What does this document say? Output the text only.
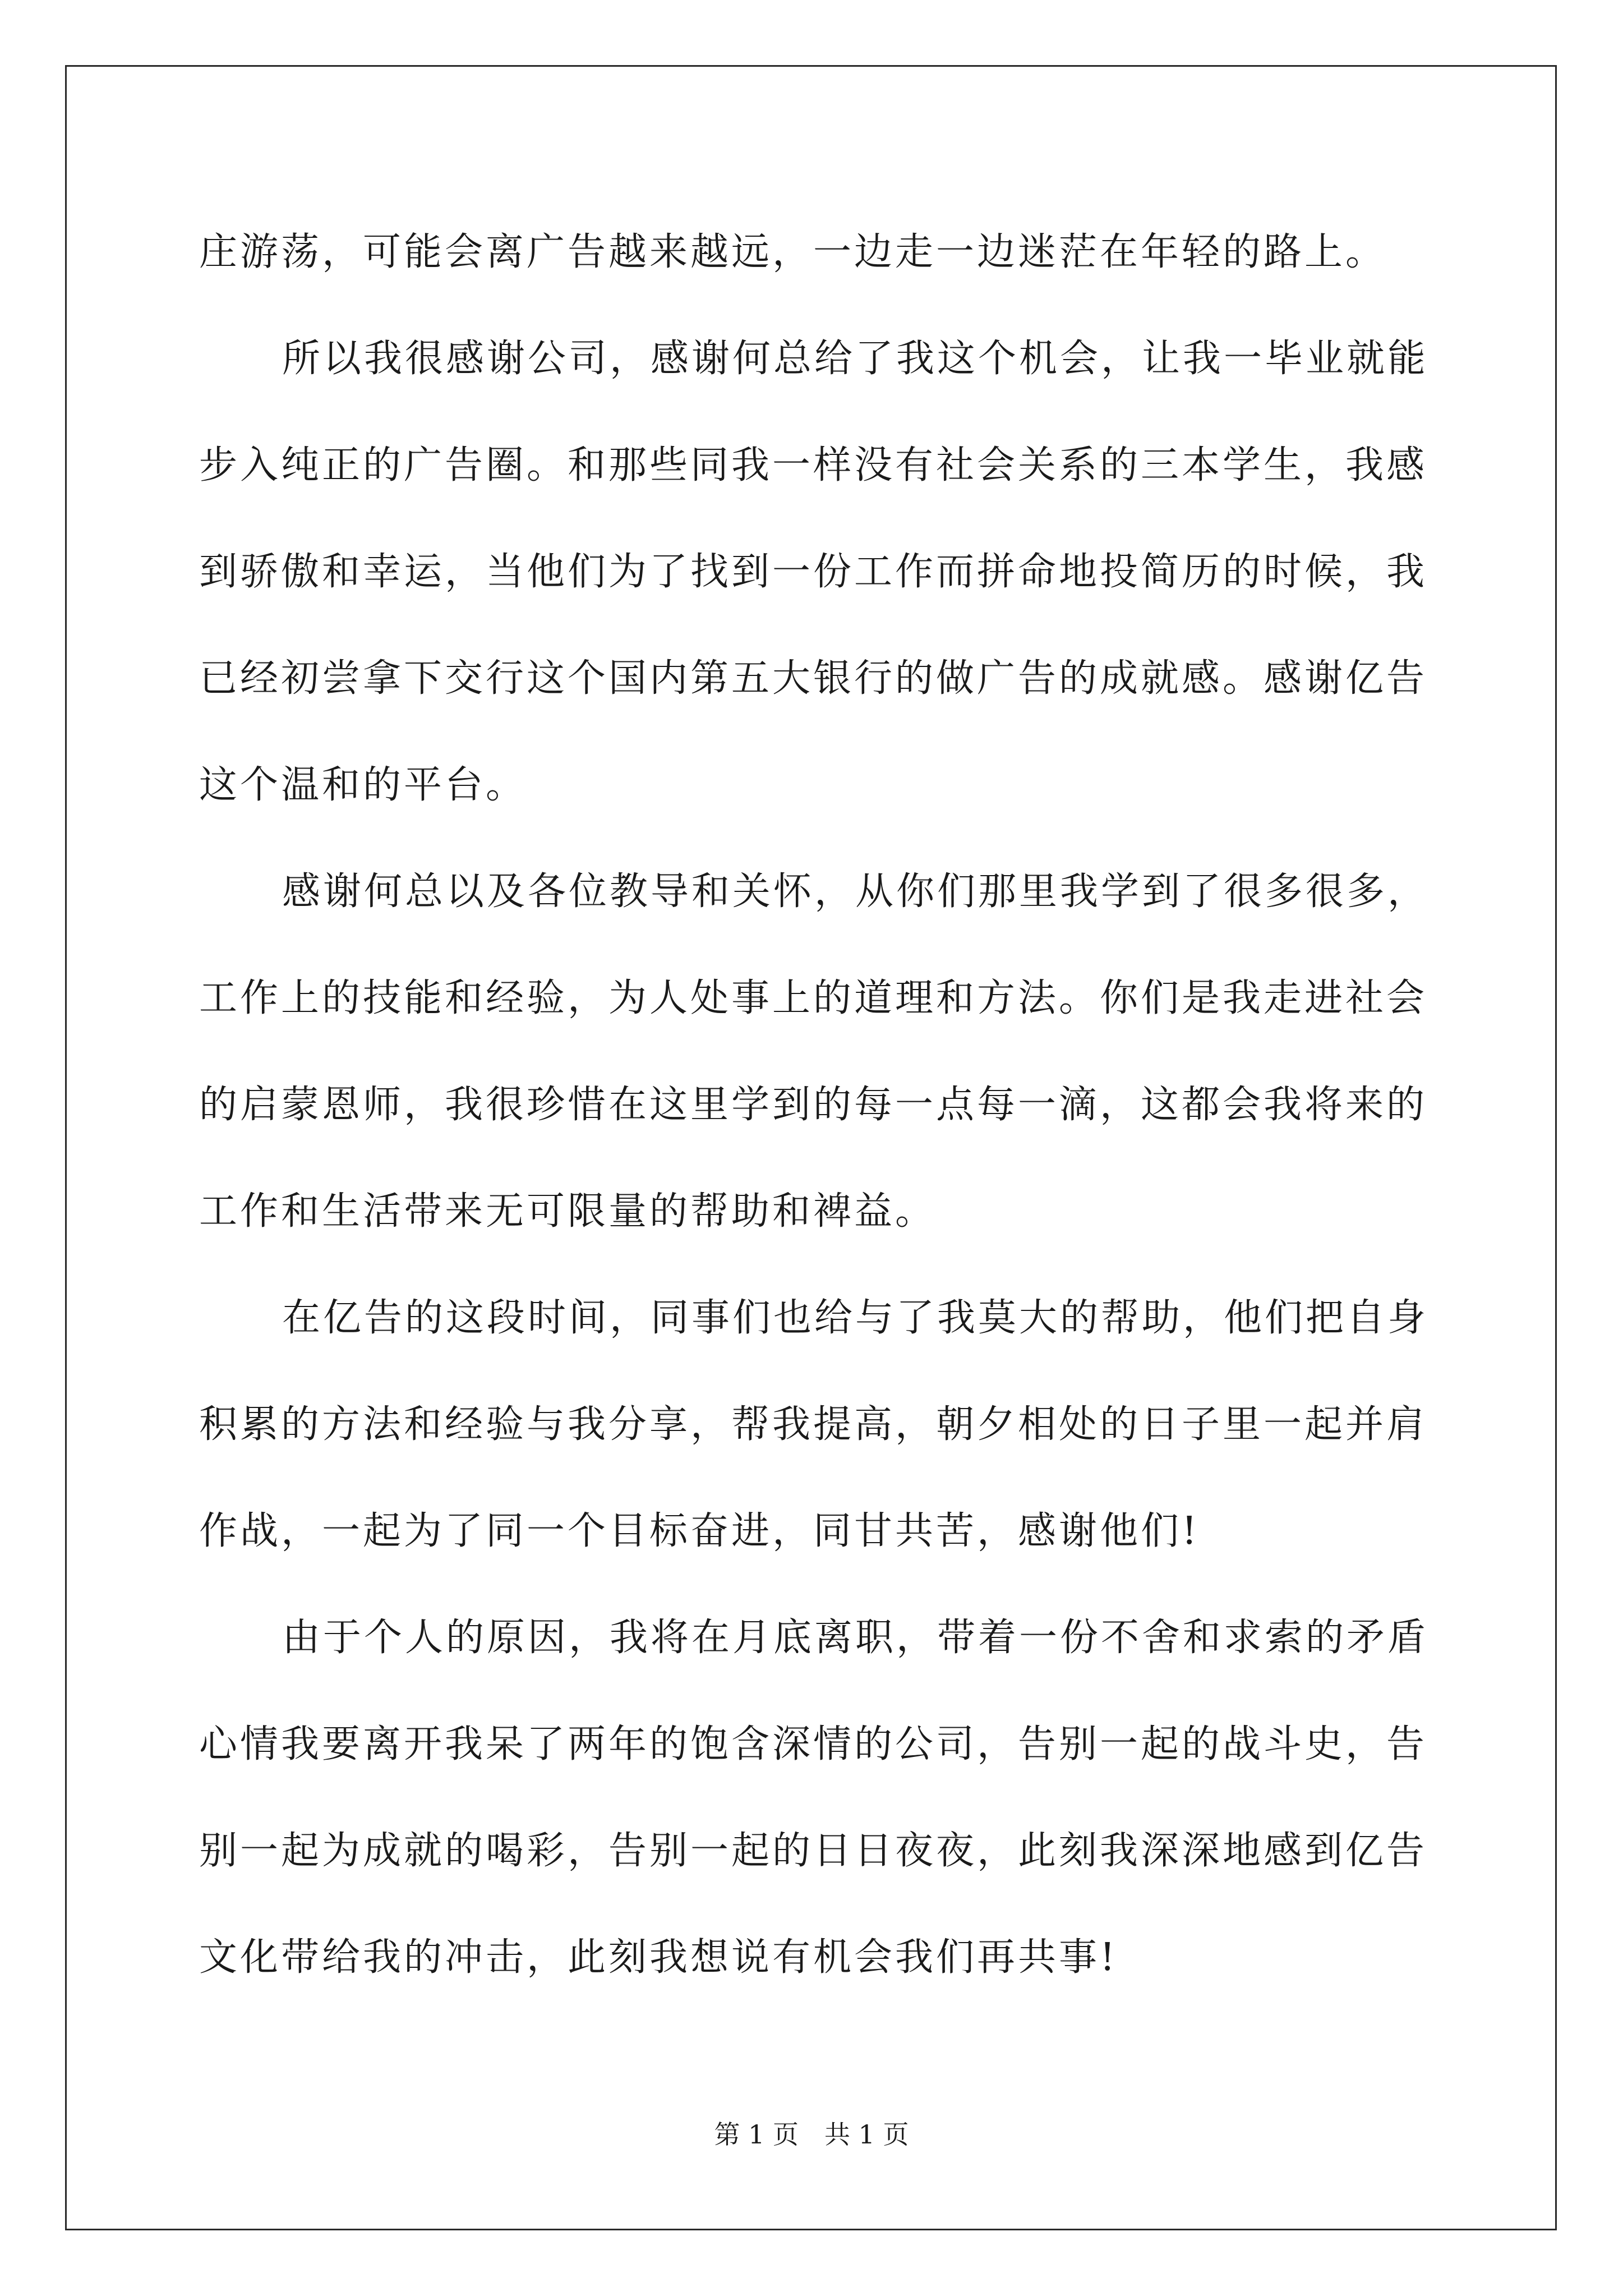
庄游荡，可能会离广告越来越远，一边走一边迷茫在年轻的路上。
所以我很感谢公司，感谢何总给了我这个机会，让我一毕业就能
步入纯正的广告圈。和那些同我一样没有社会关系的三本学生，我感
到骄傲和幸运，当他们为了找到一份工作而拼命地投简历的时候，我
已经初尝拿下交行这个国内第五大银行的做广告的成就感。感谢亿告
这个温和的平台。
感谢何总以及各位教导和关怀，从你们那里我学到了很多很多，
工作上的技能和经验，为人处事上的道理和方法。你们是我走进社会
的启蒙恩师，我很珍惜在这里学到的每一点每一滴，这都会我将来的
工作和生活带来无可限量的帮助和裨益。
在亿告的这段时间，同事们也给与了我莫大的帮助，他们把自身
积累的方法和经验与我分享，帮我提高，朝夕相处的日子里一起并肩
作战，一起为了同一个目标奋进，同甘共苦，感谢他们!
由于个人的原因，我将在月底离职，带着一份不舍和求索的矛盾
心情我要离开我呆了两年的饱含深情的公司，告别一起的战斗史，告
别一起为成就的喝彩，告别一起的日日夜夜，此刻我深深地感到亿告
文化带给我的冲击，此刻我想说有机会我们再共事!
第 1 页　共 1 页
